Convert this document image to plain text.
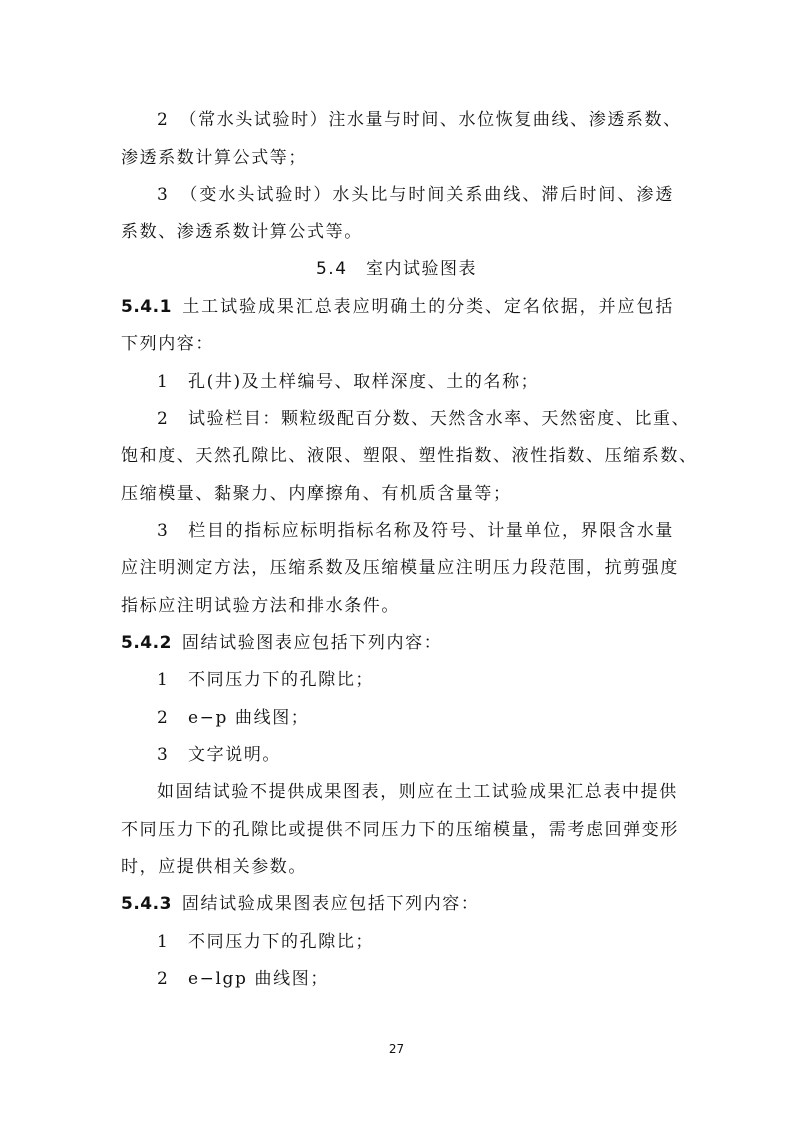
2　（常水头试验时）注水量与时间、水位恢复曲线、渗透系数、
渗透系数计算公式等；
3　（变水头试验时）水头比与时间关系曲线、滞后时间、渗透
系数、渗透系数计算公式等。
5.4　室内试验图表
5.4.1 土工试验成果汇总表应明确土的分类、定名依据，并应包括
下列内容：
1　孔(井)及土样编号、取样深度、土的名称；
2　试验栏目：颗粒级配百分数、天然含水率、天然密度、比重、
饱和度、天然孔隙比、液限、塑限、塑性指数、液性指数、压缩系数、
压缩模量、黏聚力、内摩擦角、有机质含量等；
3　栏目的指标应标明指标名称及符号、计量单位，界限含水量
应注明测定方法，压缩系数及压缩模量应注明压力段范围，抗剪强度
指标应注明试验方法和排水条件。
5.4.2 固结试验图表应包括下列内容：
1　不同压力下的孔隙比；
2　e−p 曲线图；
3　文字说明。
如固结试验不提供成果图表，则应在土工试验成果汇总表中提供
不同压力下的孔隙比或提供不同压力下的压缩模量，需考虑回弹变形
时，应提供相关参数。
5.4.3 固结试验成果图表应包括下列内容：
1　不同压力下的孔隙比；
2　e−lgp 曲线图；
27
